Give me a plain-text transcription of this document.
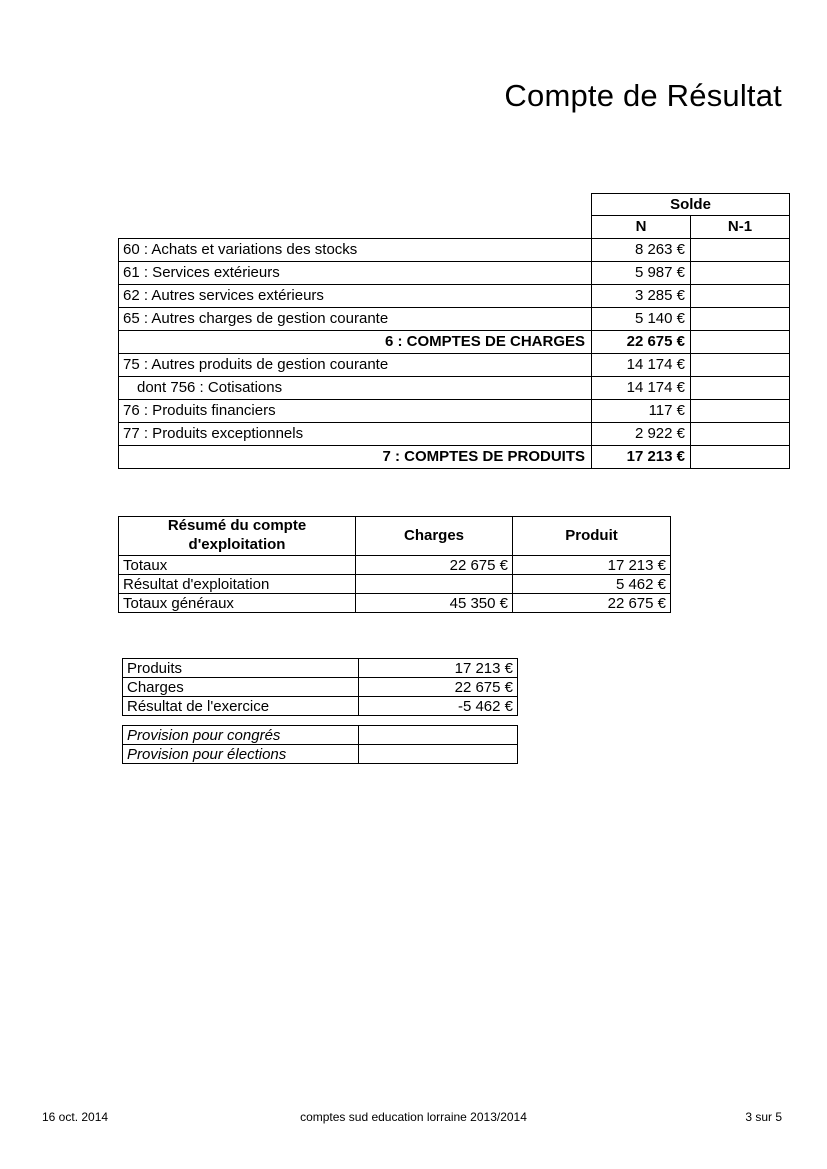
Compte de Résultat
	Solde	
	N	N-1
60 : Achats et variations des stocks	8 263 €	
61 : Services extérieurs	5 987 €	
62 : Autres services extérieurs	3 285 €	
65 : Autres charges de gestion courante	5 140 €	
6 : COMPTES DE CHARGES	22 675 €	
75 : Autres produits de gestion courante	14 174 €	
dont 756 : Cotisations	14 174 €	
76 : Produits financiers	117 €	
77 : Produits exceptionnels	2 922 €	
7 : COMPTES DE PRODUITS	17 213 €	
Résumé du compte
d'exploitation	Charges	Produit
Totaux	22 675 €	17 213 €
Résultat d'exploitation		5 462 €
Totaux généraux	45 350 €	22 675 €
Produits	17 213 €
Charges	22 675 €
Résultat de l'exercice	-5 462 €
Provision pour congrés	
Provision pour élections	
16 oct. 2014	comptes sud education lorraine 2013/2014	3 sur 5
